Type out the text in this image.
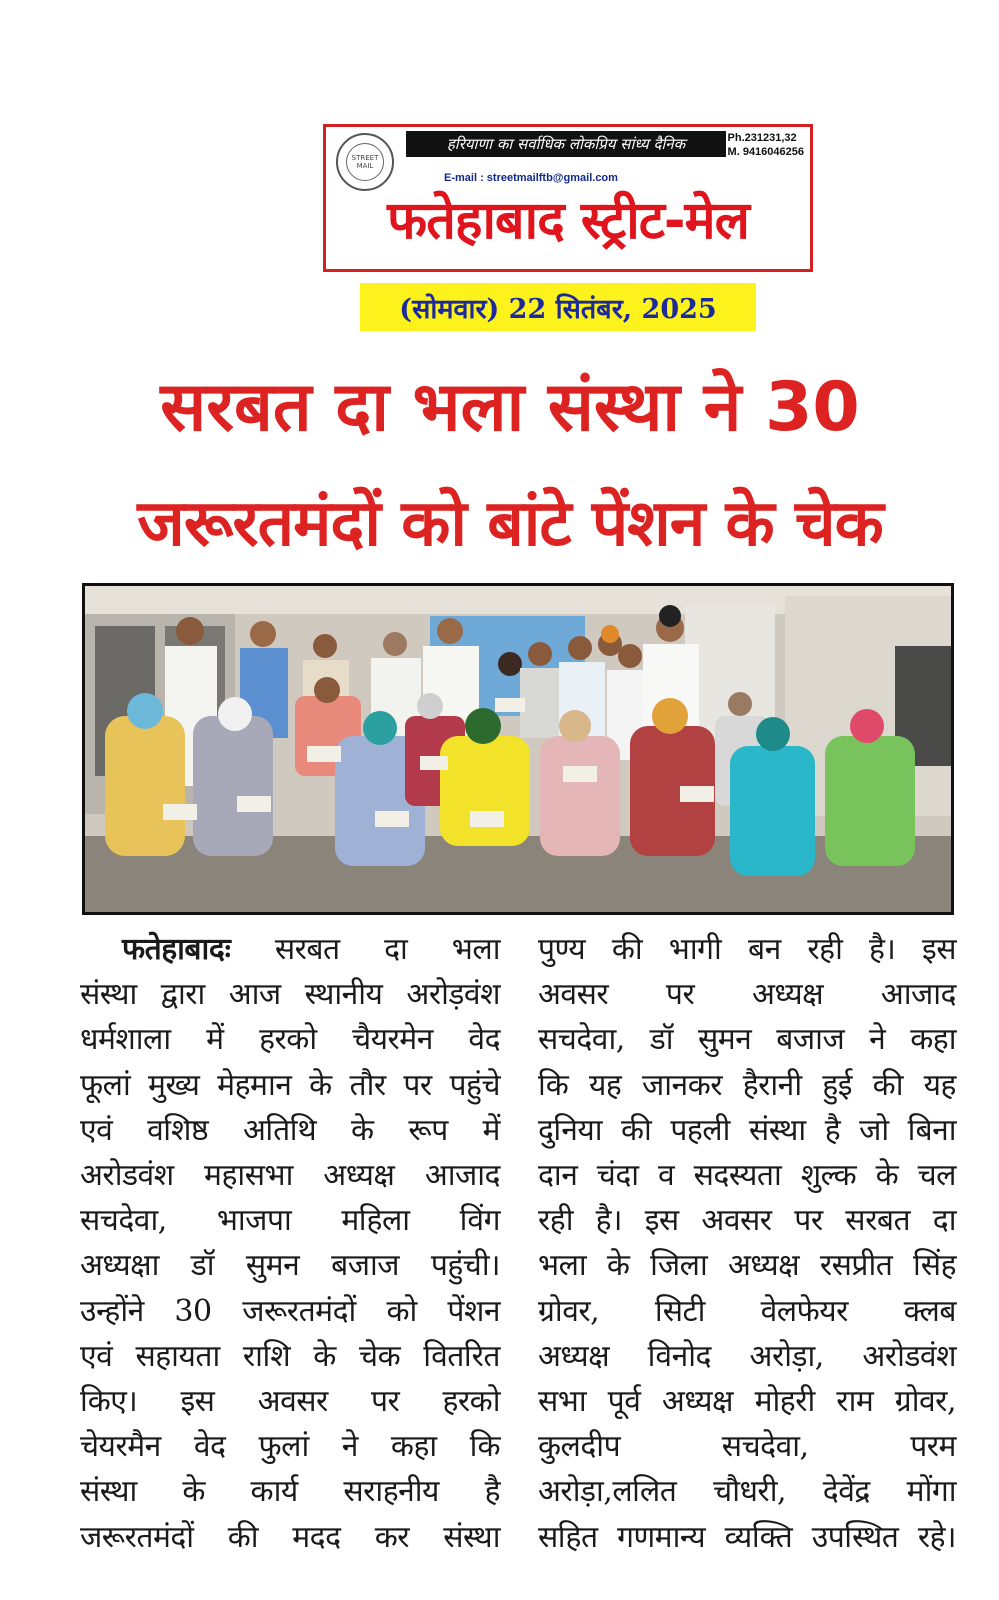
STREET MAIL
हरियाणा का सर्वाधिक लोकप्रिय सांध्य दैनिक	Ph.231231,32
M. 9416046256
E-mail : streetmailftb@gmail.com
फतेहाबाद स्ट्रीट-मेल
(सोमवार) 22 सितंबर, 2025
सरबत दा भला संस्था ने 30
जरूरतमंदों को बांटे पेंशन के चेक
फतेहाबादः सरबत दा भला
संस्था द्वारा आज स्थानीय अरोड़वंश
धर्मशाला में हरको चैयरमेन वेद
फूलां मुख्य मेहमान के तौर पर पहुंचे
एवं वशिष्ठ अतिथि के रूप में
अरोडवंश महासभा अध्यक्ष आजाद
सचदेवा, भाजपा महिला विंग
अध्यक्षा डॉ सुमन बजाज पहुंची।
उन्होंने 30 जरूरतमंदों को पेंशन
एवं सहायता राशि के चेक वितरित
किए। इस अवसर पर हरको
चेयरमैन वेद फुलां ने कहा कि
संस्था के कार्य सराहनीय है
जरूरतमंदों की मदद कर संस्था
पुण्य की भागी बन रही है। इस
अवसर पर अध्यक्ष आजाद
सचदेवा, डॉ सुमन बजाज ने कहा
कि यह जानकर हैरानी हुई की यह
दुनिया की पहली संस्था है जो बिना
दान चंदा व सदस्यता शुल्क के चल
रही है। इस अवसर पर सरबत दा
भला के जिला अध्यक्ष रसप्रीत सिंह
ग्रोवर, सिटी वेलफेयर क्लब
अध्यक्ष विनोद अरोड़ा, अरोडवंश
सभा पूर्व अध्यक्ष मोहरी राम ग्रोवर,
कुलदीप सचदेवा, परम
अरोड़ा,ललित चौधरी, देवेंद्र मोंगा
सहित गणमान्य व्यक्ति उपस्थित रहे।
